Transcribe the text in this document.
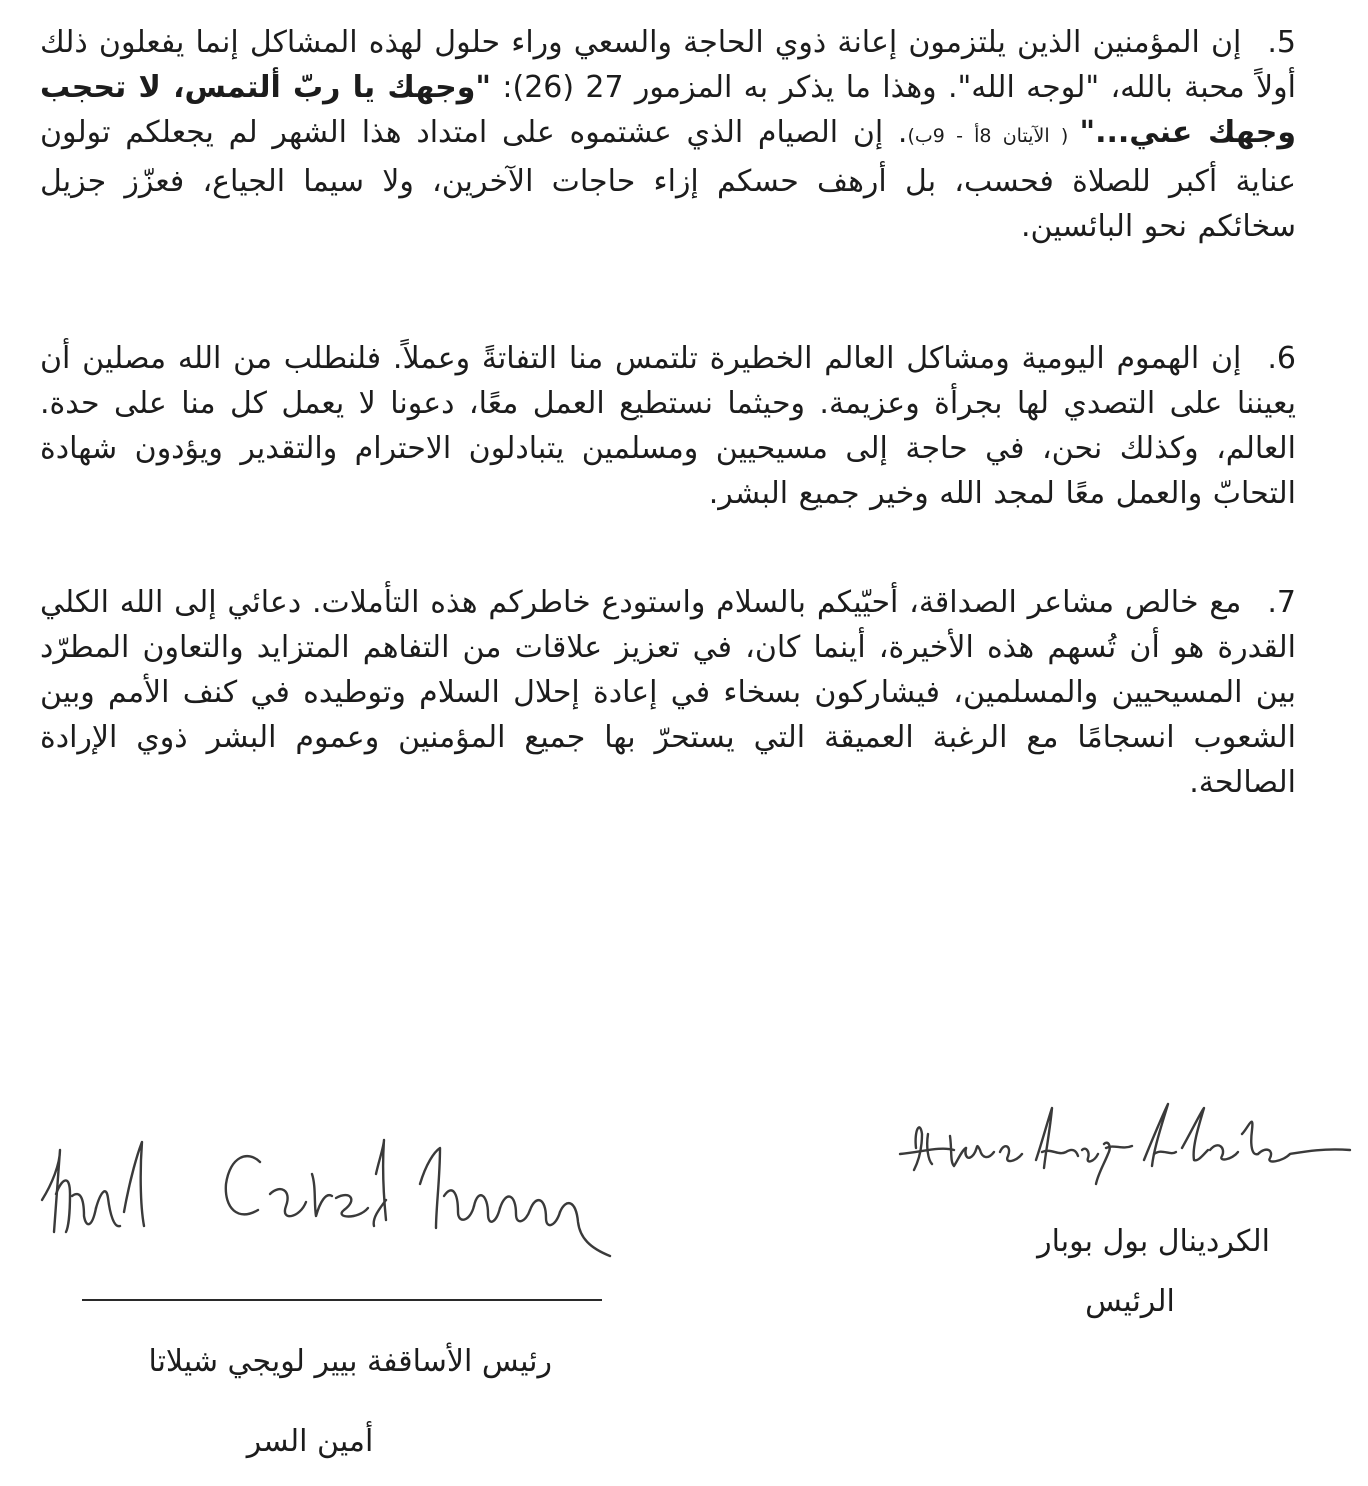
5.إن المؤمنين الذين يلتزمون إعانة ذوي الحاجة والسعي وراء حلول لهذه المشاكل إنما يفعلون ذلك أولاً محبة بالله، "لوجه الله". وهذا ما يذكر به المزمور 27 (26): "وجهك يا ربّ ألتمس، لا تحجب وجهك عني..." ( الآيتان 8أ - 9ب). إن الصيام الذي عشتموه على امتداد هذا الشهر لم يجعلكم تولون عناية أكبر للصلاة فحسب، بل أرهف حسكم إزاء حاجات الآخرين، ولا سيما الجياع، فعزّز جزيل سخائكم نحو البائسين.

6.إن الهموم اليومية ومشاكل العالم الخطيرة تلتمس منا التفاتةً وعملاً. فلنطلب من الله مصلين أن يعيننا على التصدي لها بجرأة وعزيمة. وحيثما نستطيع العمل معًا، دعونا لا يعمل كل منا على حدة. العالم، وكذلك نحن، في حاجة إلى مسيحيين ومسلمين يتبادلون الاحترام والتقدير ويؤدون شهادة التحابّ والعمل معًا لمجد الله وخير جميع البشر.

7.مع خالص مشاعر الصداقة، أحيّيكم بالسلام واستودع خاطركم هذه التأملات. دعائي إلى الله الكلي القدرة هو أن تُسهم هذه الأخيرة، أينما كان، في تعزيز علاقات من التفاهم المتزايد والتعاون المطرّد بين المسيحيين والمسلمين، فيشاركون بسخاء في إعادة إحلال السلام وتوطيده في كنف الأمم وبين الشعوب انسجامًا مع الرغبة العميقة التي يستحرّ بها جميع المؤمنين وعموم البشر ذوي الإرادة الصالحة.

الكردينال بول بوبار

الرئيس

رئيس الأساقفة بيير لويجي شيلاتا

أمين السر
